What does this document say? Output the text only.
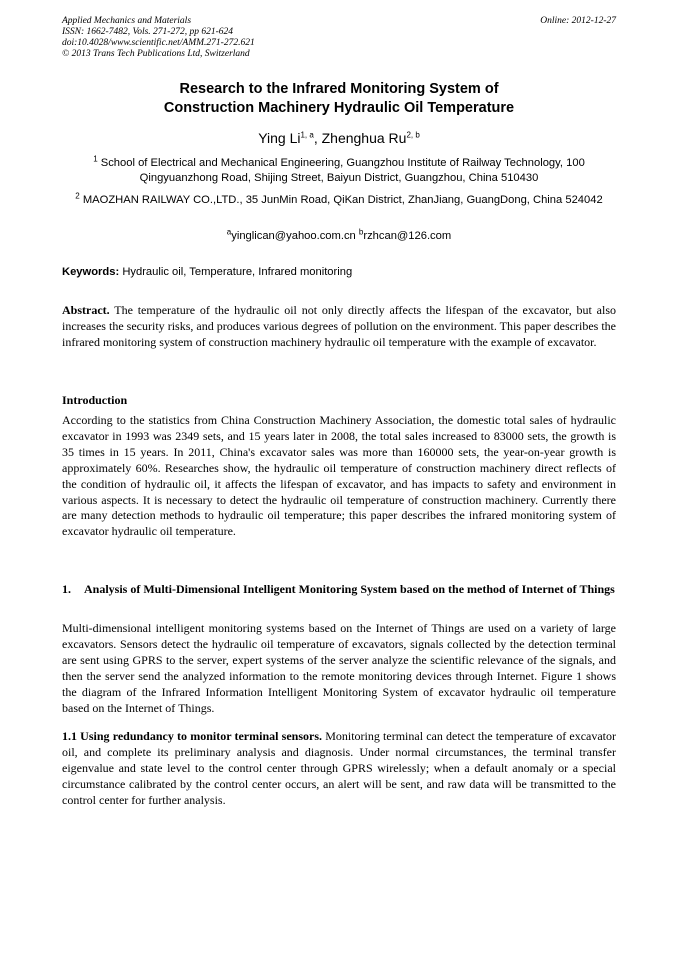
Applied Mechanics and Materials
ISSN: 1662-7482, Vols. 271-272, pp 621-624
doi:10.4028/www.scientific.net/AMM.271-272.621
© 2013 Trans Tech Publications Ltd, Switzerland
Online: 2012-12-27
Research to the Infrared Monitoring System of
Construction Machinery Hydraulic Oil Temperature
Ying Li$^{1, a}$, Zhenghua Ru$^{2, b}$
$^1$ School of Electrical and Mechanical Engineering, Guangzhou Institute of Railway Technology, 100 Qingyuanzhong Road, Shijing Street, Baiyun District, Guangzhou, China 510430
$^2$ MAOZHAN RAILWAY CO.,LTD., 35 JunMin Road, QiKan District, ZhanJiang, GuangDong, China 524042
$^a$yinglican@yahoo.com.cn $^b$rzhcan@126.com
Keywords: Hydraulic oil, Temperature, Infrared monitoring
Abstract. The temperature of the hydraulic oil not only directly affects the lifespan of the excavator, but also increases the security risks, and produces various degrees of pollution on the environment. This paper describes the infrared monitoring system of construction machinery hydraulic oil temperature with the example of excavator.
Introduction
According to the statistics from China Construction Machinery Association, the domestic total sales of hydraulic excavator in 1993 was 2349 sets, and 15 years later in 2008, the total sales increased to 83000 sets, the growth is 35 times in 15 years. In 2011, China's excavator sales was more than 160000 sets, the year-on-year growth is approximately 60%. Researches show, the hydraulic oil temperature of construction machinery direct reflects of the condition of hydraulic oil, it affects the lifespan of excavator, and has impacts to safety and environment in various aspects. It is necessary to detect the hydraulic oil temperature of construction machinery. Currently there are many detection methods to hydraulic oil temperature; this paper describes the infrared monitoring system of excavator hydraulic oil temperature.
1.	Analysis of Multi-Dimensional Intelligent Monitoring System based on the method of Internet of Things
Multi-dimensional intelligent monitoring systems based on the Internet of Things are used on a variety of large excavators. Sensors detect the hydraulic oil temperature of excavators, signals collected by the detection terminal are sent using GPRS to the server, expert systems of the server analyze the scientific relevance of the signals, and then the server send the analyzed information to the remote monitoring devices through Internet. Figure 1 shows the diagram of the Infrared Information Intelligent Monitoring System of excavator hydraulic oil temperature based on the Internet of Things.
1.1 Using redundancy to monitor terminal sensors. Monitoring terminal can detect the temperature of excavator oil, and complete its preliminary analysis and diagnosis. Under normal circumstances, the terminal transfer eigenvalue and state level to the control center through GPRS wirelessly; when a default anomaly or a special circumstance calibrated by the control center occurs, an alert will be sent, and raw data will be transmitted to the control center for further analysis.
